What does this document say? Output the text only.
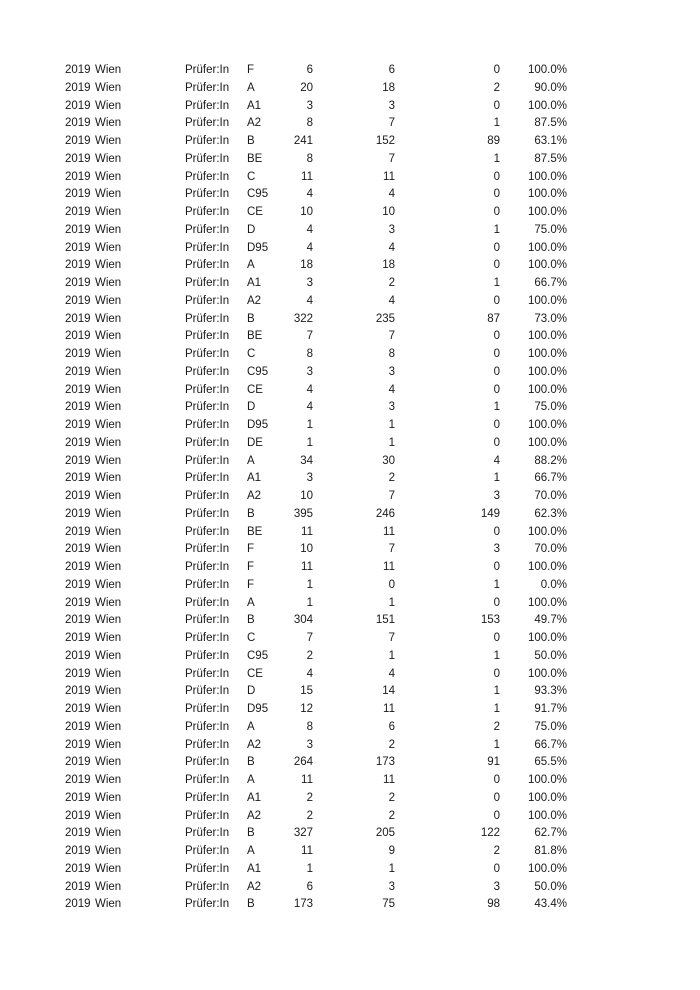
2019 Wien	Prüfer:In	F	6	6	0	100.0%
2019 Wien	Prüfer:In	A	20	18	2	90.0%
2019 Wien	Prüfer:In	A1	3	3	0	100.0%
2019 Wien	Prüfer:In	A2	8	7	1	87.5%
2019 Wien	Prüfer:In	B	241	152	89	63.1%
2019 Wien	Prüfer:In	BE	8	7	1	87.5%
2019 Wien	Prüfer:In	C	11	11	0	100.0%
2019 Wien	Prüfer:In	C95	4	4	0	100.0%
2019 Wien	Prüfer:In	CE	10	10	0	100.0%
2019 Wien	Prüfer:In	D	4	3	1	75.0%
2019 Wien	Prüfer:In	D95	4	4	0	100.0%
2019 Wien	Prüfer:In	A	18	18	0	100.0%
2019 Wien	Prüfer:In	A1	3	2	1	66.7%
2019 Wien	Prüfer:In	A2	4	4	0	100.0%
2019 Wien	Prüfer:In	B	322	235	87	73.0%
2019 Wien	Prüfer:In	BE	7	7	0	100.0%
2019 Wien	Prüfer:In	C	8	8	0	100.0%
2019 Wien	Prüfer:In	C95	3	3	0	100.0%
2019 Wien	Prüfer:In	CE	4	4	0	100.0%
2019 Wien	Prüfer:In	D	4	3	1	75.0%
2019 Wien	Prüfer:In	D95	1	1	0	100.0%
2019 Wien	Prüfer:In	DE	1	1	0	100.0%
2019 Wien	Prüfer:In	A	34	30	4	88.2%
2019 Wien	Prüfer:In	A1	3	2	1	66.7%
2019 Wien	Prüfer:In	A2	10	7	3	70.0%
2019 Wien	Prüfer:In	B	395	246	149	62.3%
2019 Wien	Prüfer:In	BE	11	11	0	100.0%
2019 Wien	Prüfer:In	F	10	7	3	70.0%
2019 Wien	Prüfer:In	F	11	11	0	100.0%
2019 Wien	Prüfer:In	F	1	0	1	0.0%
2019 Wien	Prüfer:In	A	1	1	0	100.0%
2019 Wien	Prüfer:In	B	304	151	153	49.7%
2019 Wien	Prüfer:In	C	7	7	0	100.0%
2019 Wien	Prüfer:In	C95	2	1	1	50.0%
2019 Wien	Prüfer:In	CE	4	4	0	100.0%
2019 Wien	Prüfer:In	D	15	14	1	93.3%
2019 Wien	Prüfer:In	D95	12	11	1	91.7%
2019 Wien	Prüfer:In	A	8	6	2	75.0%
2019 Wien	Prüfer:In	A2	3	2	1	66.7%
2019 Wien	Prüfer:In	B	264	173	91	65.5%
2019 Wien	Prüfer:In	A	11	11	0	100.0%
2019 Wien	Prüfer:In	A1	2	2	0	100.0%
2019 Wien	Prüfer:In	A2	2	2	0	100.0%
2019 Wien	Prüfer:In	B	327	205	122	62.7%
2019 Wien	Prüfer:In	A	11	9	2	81.8%
2019 Wien	Prüfer:In	A1	1	1	0	100.0%
2019 Wien	Prüfer:In	A2	6	3	3	50.0%
2019 Wien	Prüfer:In	B	173	75	98	43.4%
